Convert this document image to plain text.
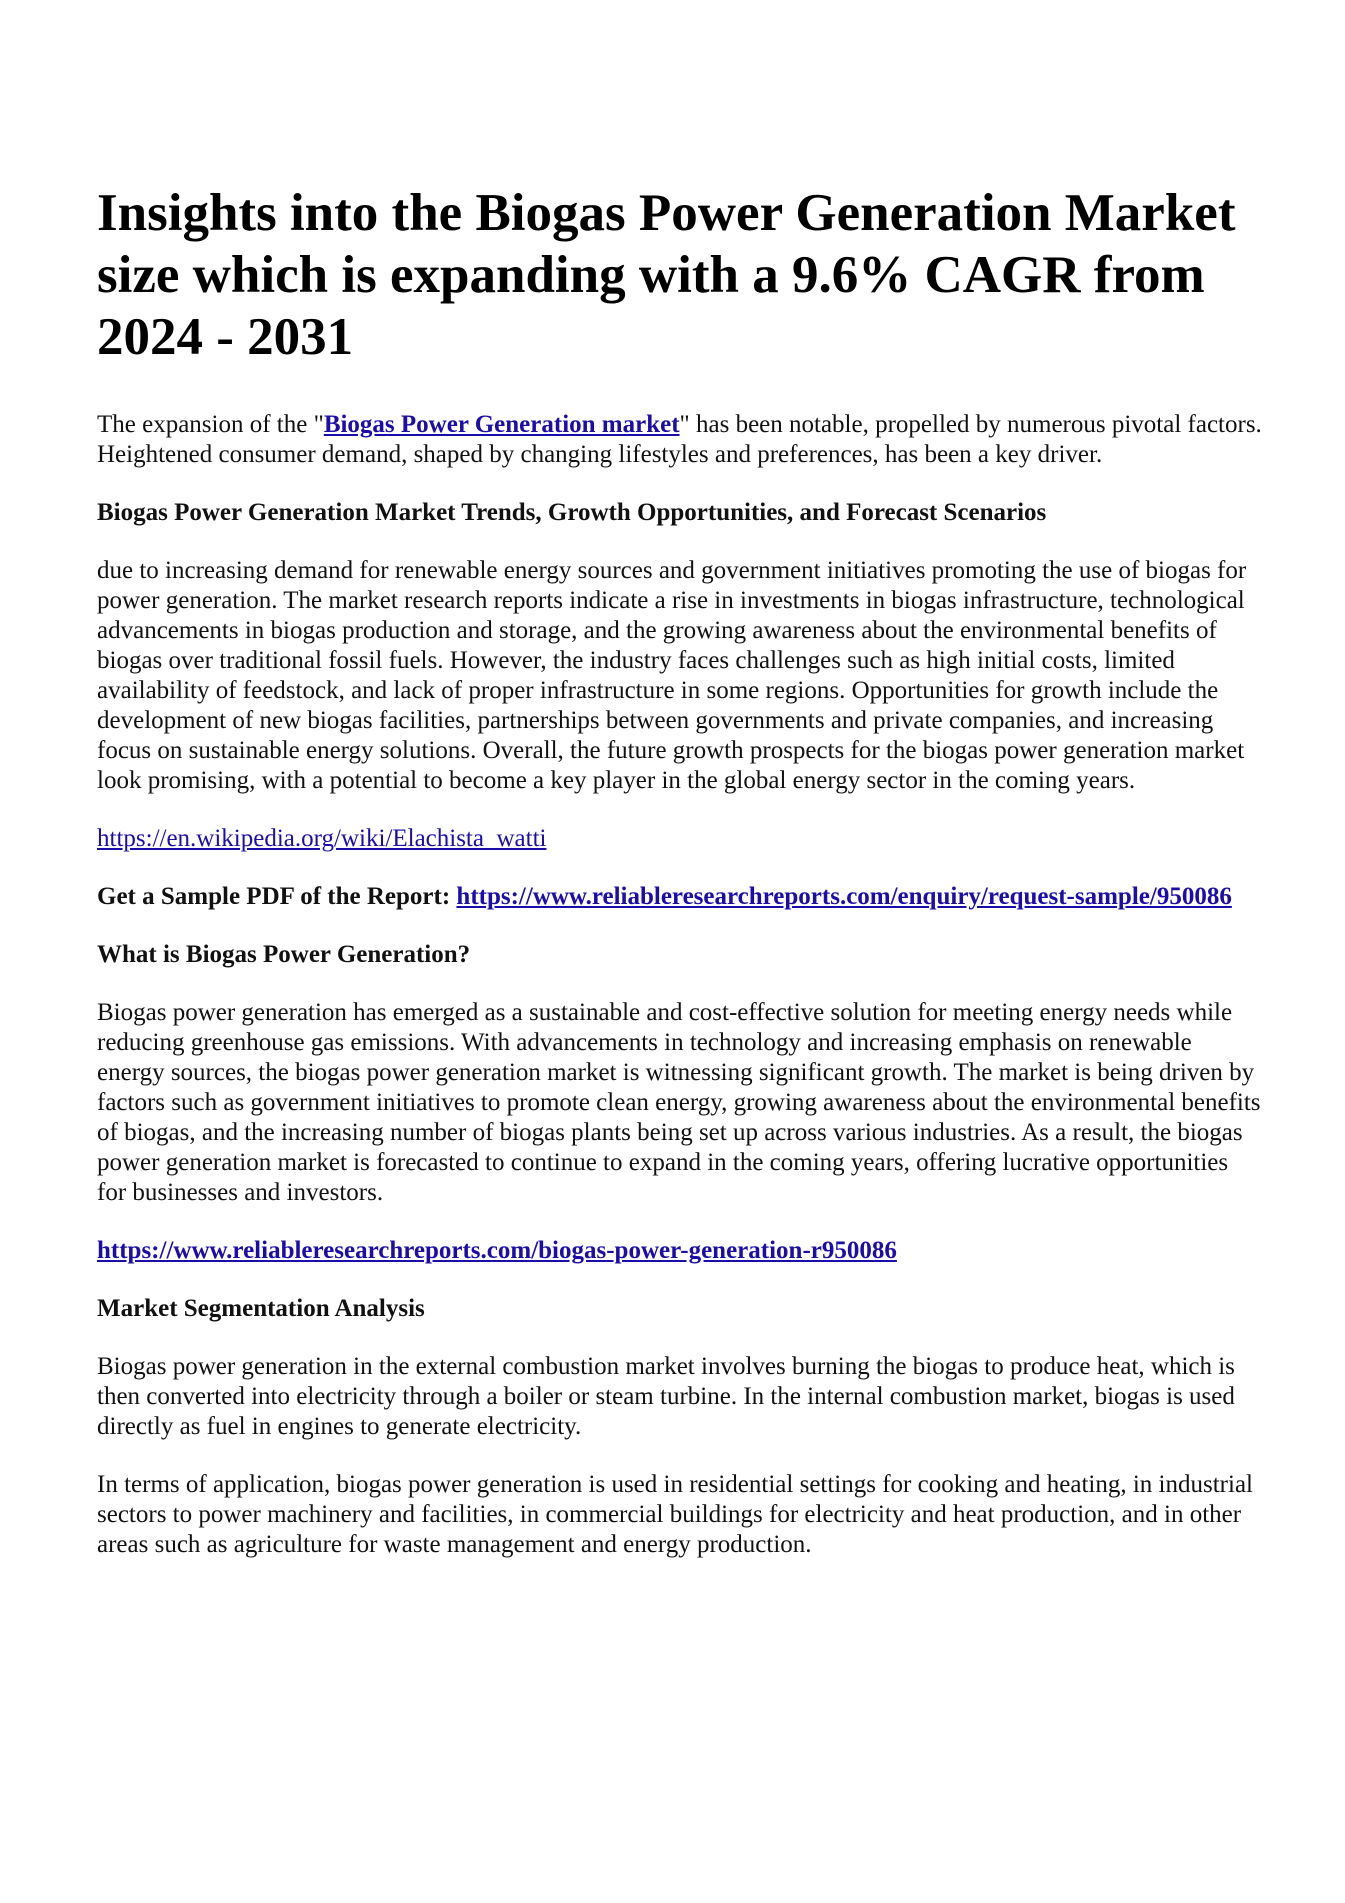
Insights into the Biogas Power Generation Market size which is expanding with a 9.6% CAGR from 2024 - 2031

The expansion of the "Biogas Power Generation market" has been notable, propelled by numerous pivotal factors. Heightened consumer demand, shaped by changing lifestyles and preferences, has been a key driver.

Biogas Power Generation Market Trends, Growth Opportunities, and Forecast Scenarios

due to increasing demand for renewable energy sources and government initiatives promoting the use of biogas for power generation. The market research reports indicate a rise in investments in biogas infrastructure, technological advancements in biogas production and storage, and the growing awareness about the environmental benefits of biogas over traditional fossil fuels. However, the industry faces challenges such as high initial costs, limited availability of feedstock, and lack of proper infrastructure in some regions. Opportunities for growth include the development of new biogas facilities, partnerships between governments and private companies, and increasing focus on sustainable energy solutions. Overall, the future growth prospects for the biogas power generation market look promising, with a potential to become a key player in the global energy sector in the coming years.

https://en.wikipedia.org/wiki/Elachista_watti

Get a Sample PDF of the Report: https://www.reliableresearchreports.com/enquiry/request-sample/950086

What is Biogas Power Generation?

Biogas power generation has emerged as a sustainable and cost-effective solution for meeting energy needs while reducing greenhouse gas emissions. With advancements in technology and increasing emphasis on renewable energy sources, the biogas power generation market is witnessing significant growth. The market is being driven by factors such as government initiatives to promote clean energy, growing awareness about the environmental benefits of biogas, and the increasing number of biogas plants being set up across various industries. As a result, the biogas power generation market is forecasted to continue to expand in the coming years, offering lucrative opportunities for businesses and investors.

https://www.reliableresearchreports.com/biogas-power-generation-r950086

Market Segmentation Analysis

Biogas power generation in the external combustion market involves burning the biogas to produce heat, which is then converted into electricity through a boiler or steam turbine. In the internal combustion market, biogas is used directly as fuel in engines to generate electricity.

In terms of application, biogas power generation is used in residential settings for cooking and heating, in industrial sectors to power machinery and facilities, in commercial buildings for electricity and heat production, and in other areas such as agriculture for waste management and energy production.
